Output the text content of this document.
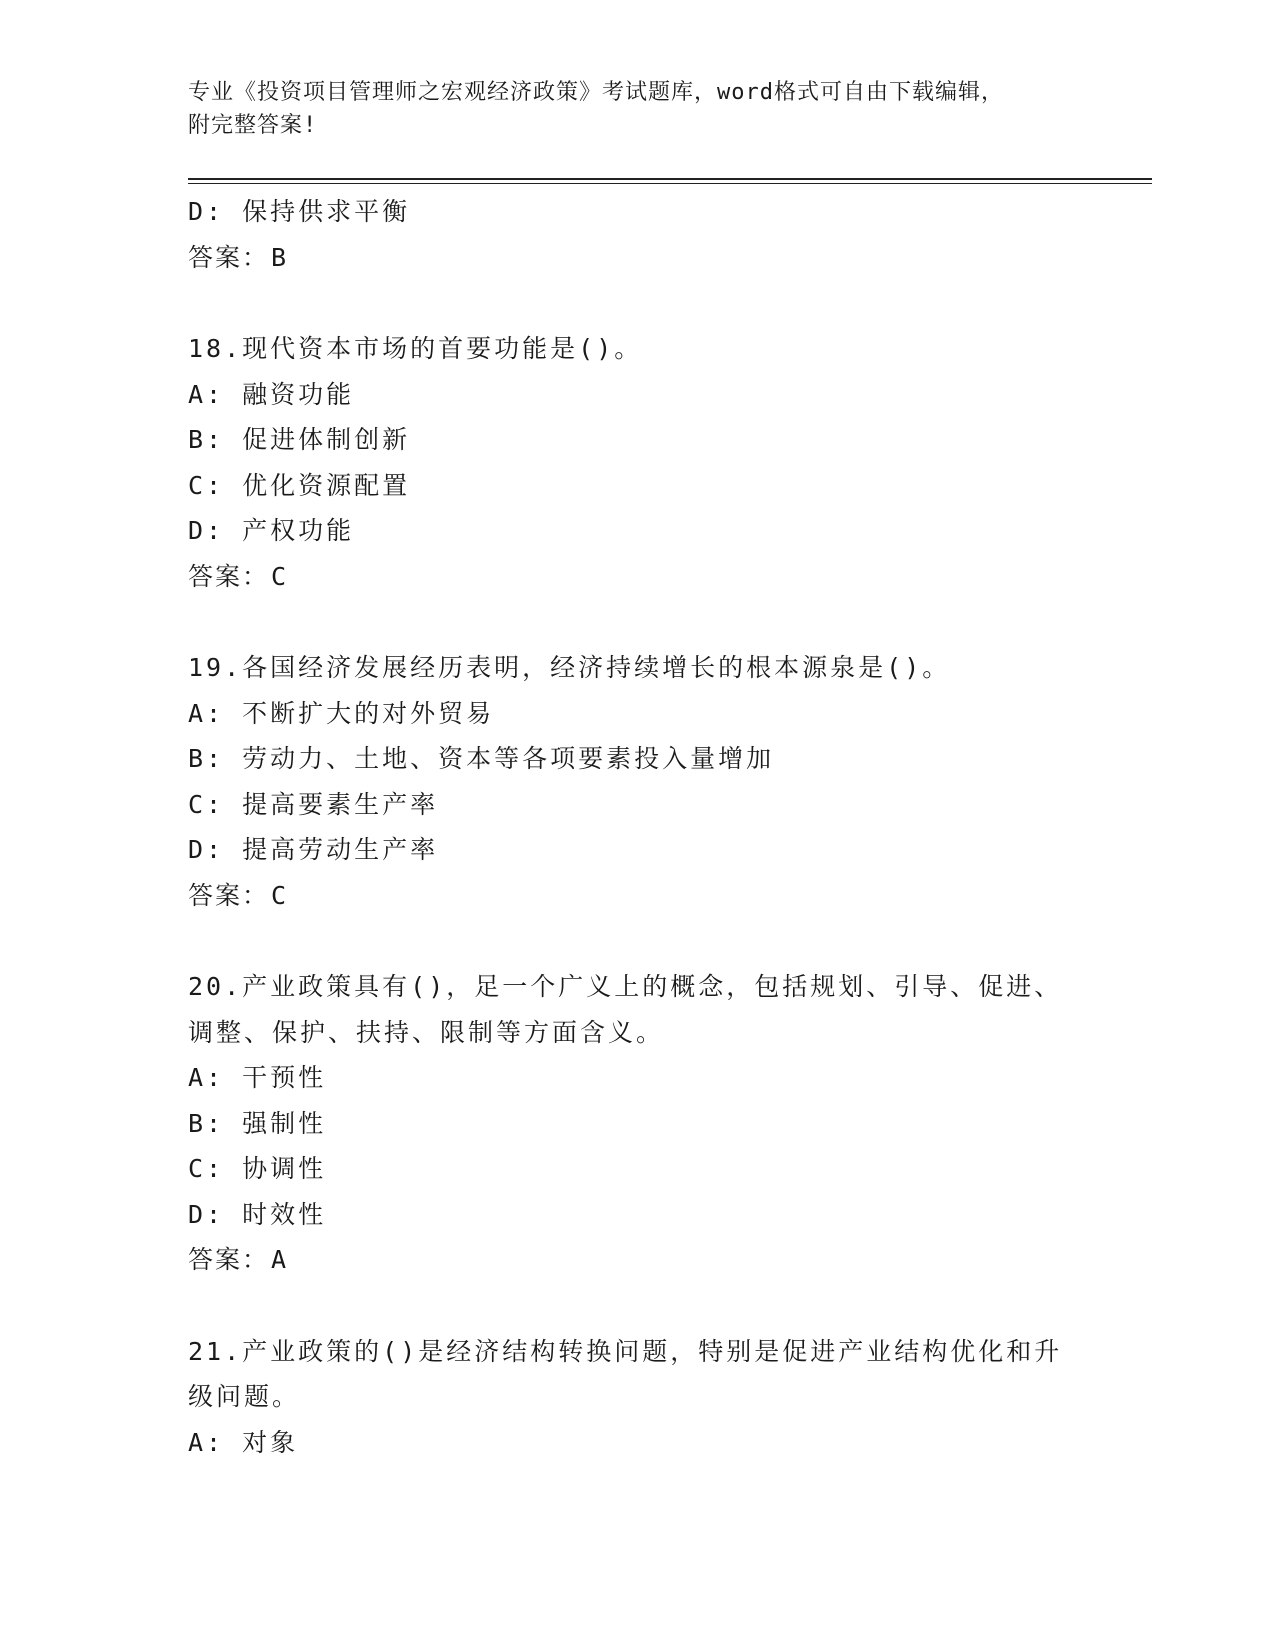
专业《投资项目管理师之宏观经济政策》考试题库，word格式可自由下载编辑，
附完整答案!
D: 保持供求平衡
答案：B
18.现代资本市场的首要功能是()。
A: 融资功能
B: 促进体制创新
C: 优化资源配置
D: 产权功能
答案：C
19.各国经济发展经历表明，经济持续增长的根本源泉是()。
A: 不断扩大的对外贸易
B: 劳动力、土地、资本等各项要素投入量增加
C: 提高要素生产率
D: 提高劳动生产率
答案：C
20.产业政策具有()，足一个广义上的概念，包括规划、引导、促进、
调整、保护、扶持、限制等方面含义。
A: 干预性
B: 强制性
C: 协调性
D: 时效性
答案：A
21.产业政策的()是经济结构转换问题，特别是促进产业结构优化和升
级问题。
A: 对象
